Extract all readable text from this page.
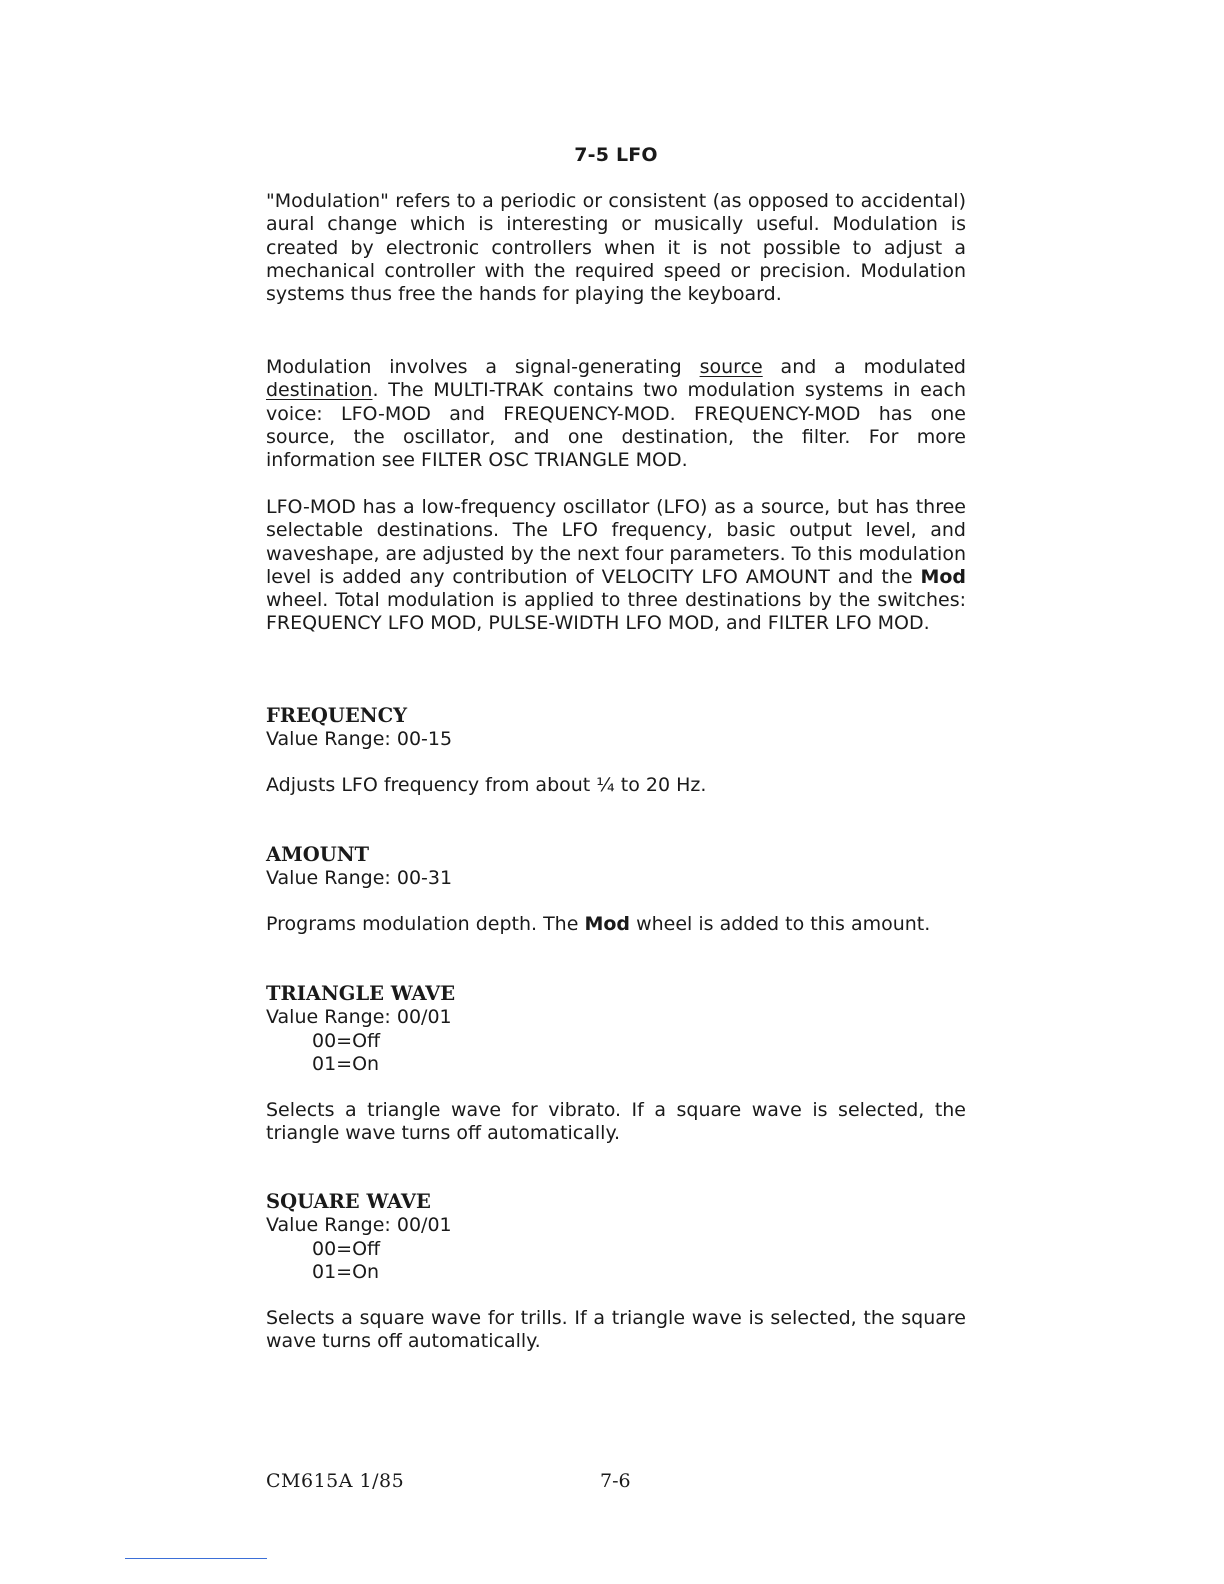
7-5 LFO

"Modulation" refers to a periodic or consistent (as opposed to accidental) aural change which is interesting or musically useful. Modulation is created by electronic controllers when it is not possible to adjust a mechanical controller with the required speed or precision. Modulation systems thus free the hands for playing the keyboard.

Modulation involves a signal-generating source and a modulated destination. The MULTI-TRAK contains two modulation systems in each voice: LFO-MOD and FREQUENCY-MOD. FREQUENCY-MOD has one source, the oscillator, and one destination, the filter. For more information see FILTER OSC TRIANGLE MOD.

LFO-MOD has a low-frequency oscillator (LFO) as a source, but has three selectable destinations. The LFO frequency, basic output level, and waveshape, are adjusted by the next four parameters. To this modulation level is added any contribution of VELOCITY LFO AMOUNT and the Mod wheel. Total modulation is applied to three destinations by the switches: FREQUENCY LFO MOD, PULSE-WIDTH LFO MOD, and FILTER LFO MOD.

FREQUENCY
Value Range: 00-15
Adjusts LFO frequency from about ¼ to 20 Hz.
AMOUNT
Value Range: 00-31
Programs modulation depth. The Mod wheel is added to this amount.
TRIANGLE WAVE
Value Range: 00/01
00=Off
01=On
Selects a triangle wave for vibrato. If a square wave is selected, the triangle wave turns off automatically.
SQUARE WAVE
Value Range: 00/01
00=Off
01=On
Selects a square wave for trills. If a triangle wave is selected, the square wave turns off automatically.
CM615A 1/85	7-6
